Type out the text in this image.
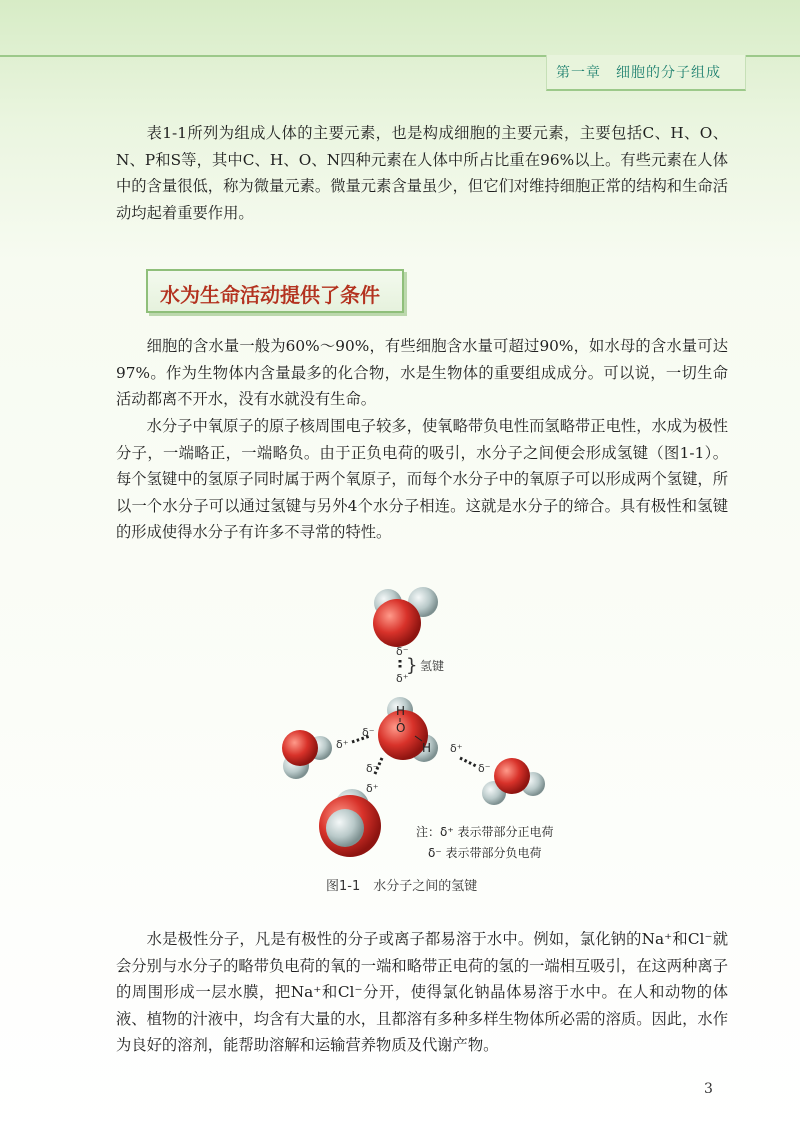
第一章　细胞的分子组成

表1-1所列为组成人体的主要元素，也是构成细胞的主要元素，主要包括C、H、O、N、P和S等，其中C、H、O、N四种元素在人体中所占比重在96%以上。有些元素在人体中的含量很低，称为微量元素。微量元素含量虽少，但它们对维持细胞正常的结构和生命活动均起着重要作用。

水为生命活动提供了条件

细胞的含水量一般为60%～90%，有些细胞含水量可超过90%，如水母的含水量可达97%。作为生物体内含量最多的化合物，水是生物体的重要组成成分。可以说，一切生命活动都离不开水，没有水就没有生命。

水分子中氧原子的原子核周围电子较多，使氧略带负电性而氢略带正电性，水成为极性分子，一端略正，一端略负。由于正负电荷的吸引，水分子之间便会形成氢键（图1-1）。每个氢键中的氢原子同时属于两个氧原子，而每个水分子中的氧原子可以形成两个氢键，所以一个水分子可以通过氢键与另外4个水分子相连。这就是水分子的缔合。具有极性和氢键的形成使得水分子有许多不寻常的特性。

δ⁻
} 氢键
δ⁺
H
O
H
δ⁻
δ⁺	δ⁺
δ⁻
δ⁻
δ⁺
注：δ⁺ 表示带部分正电荷
δ⁻ 表示带部分负电荷
图1-1　水分子之间的氢键

水是极性分子，凡是有极性的分子或离子都易溶于水中。例如，氯化钠的Na⁺和Cl⁻就会分别与水分子的略带负电荷的氧的一端和略带正电荷的氢的一端相互吸引，在这两种离子的周围形成一层水膜，把Na⁺和Cl⁻分开，使得氯化钠晶体易溶于水中。在人和动物的体液、植物的汁液中，均含有大量的水，且都溶有多种多样生物体所必需的溶质。因此，水作为良好的溶剂，能帮助溶解和运输营养物质及代谢产物。

3
